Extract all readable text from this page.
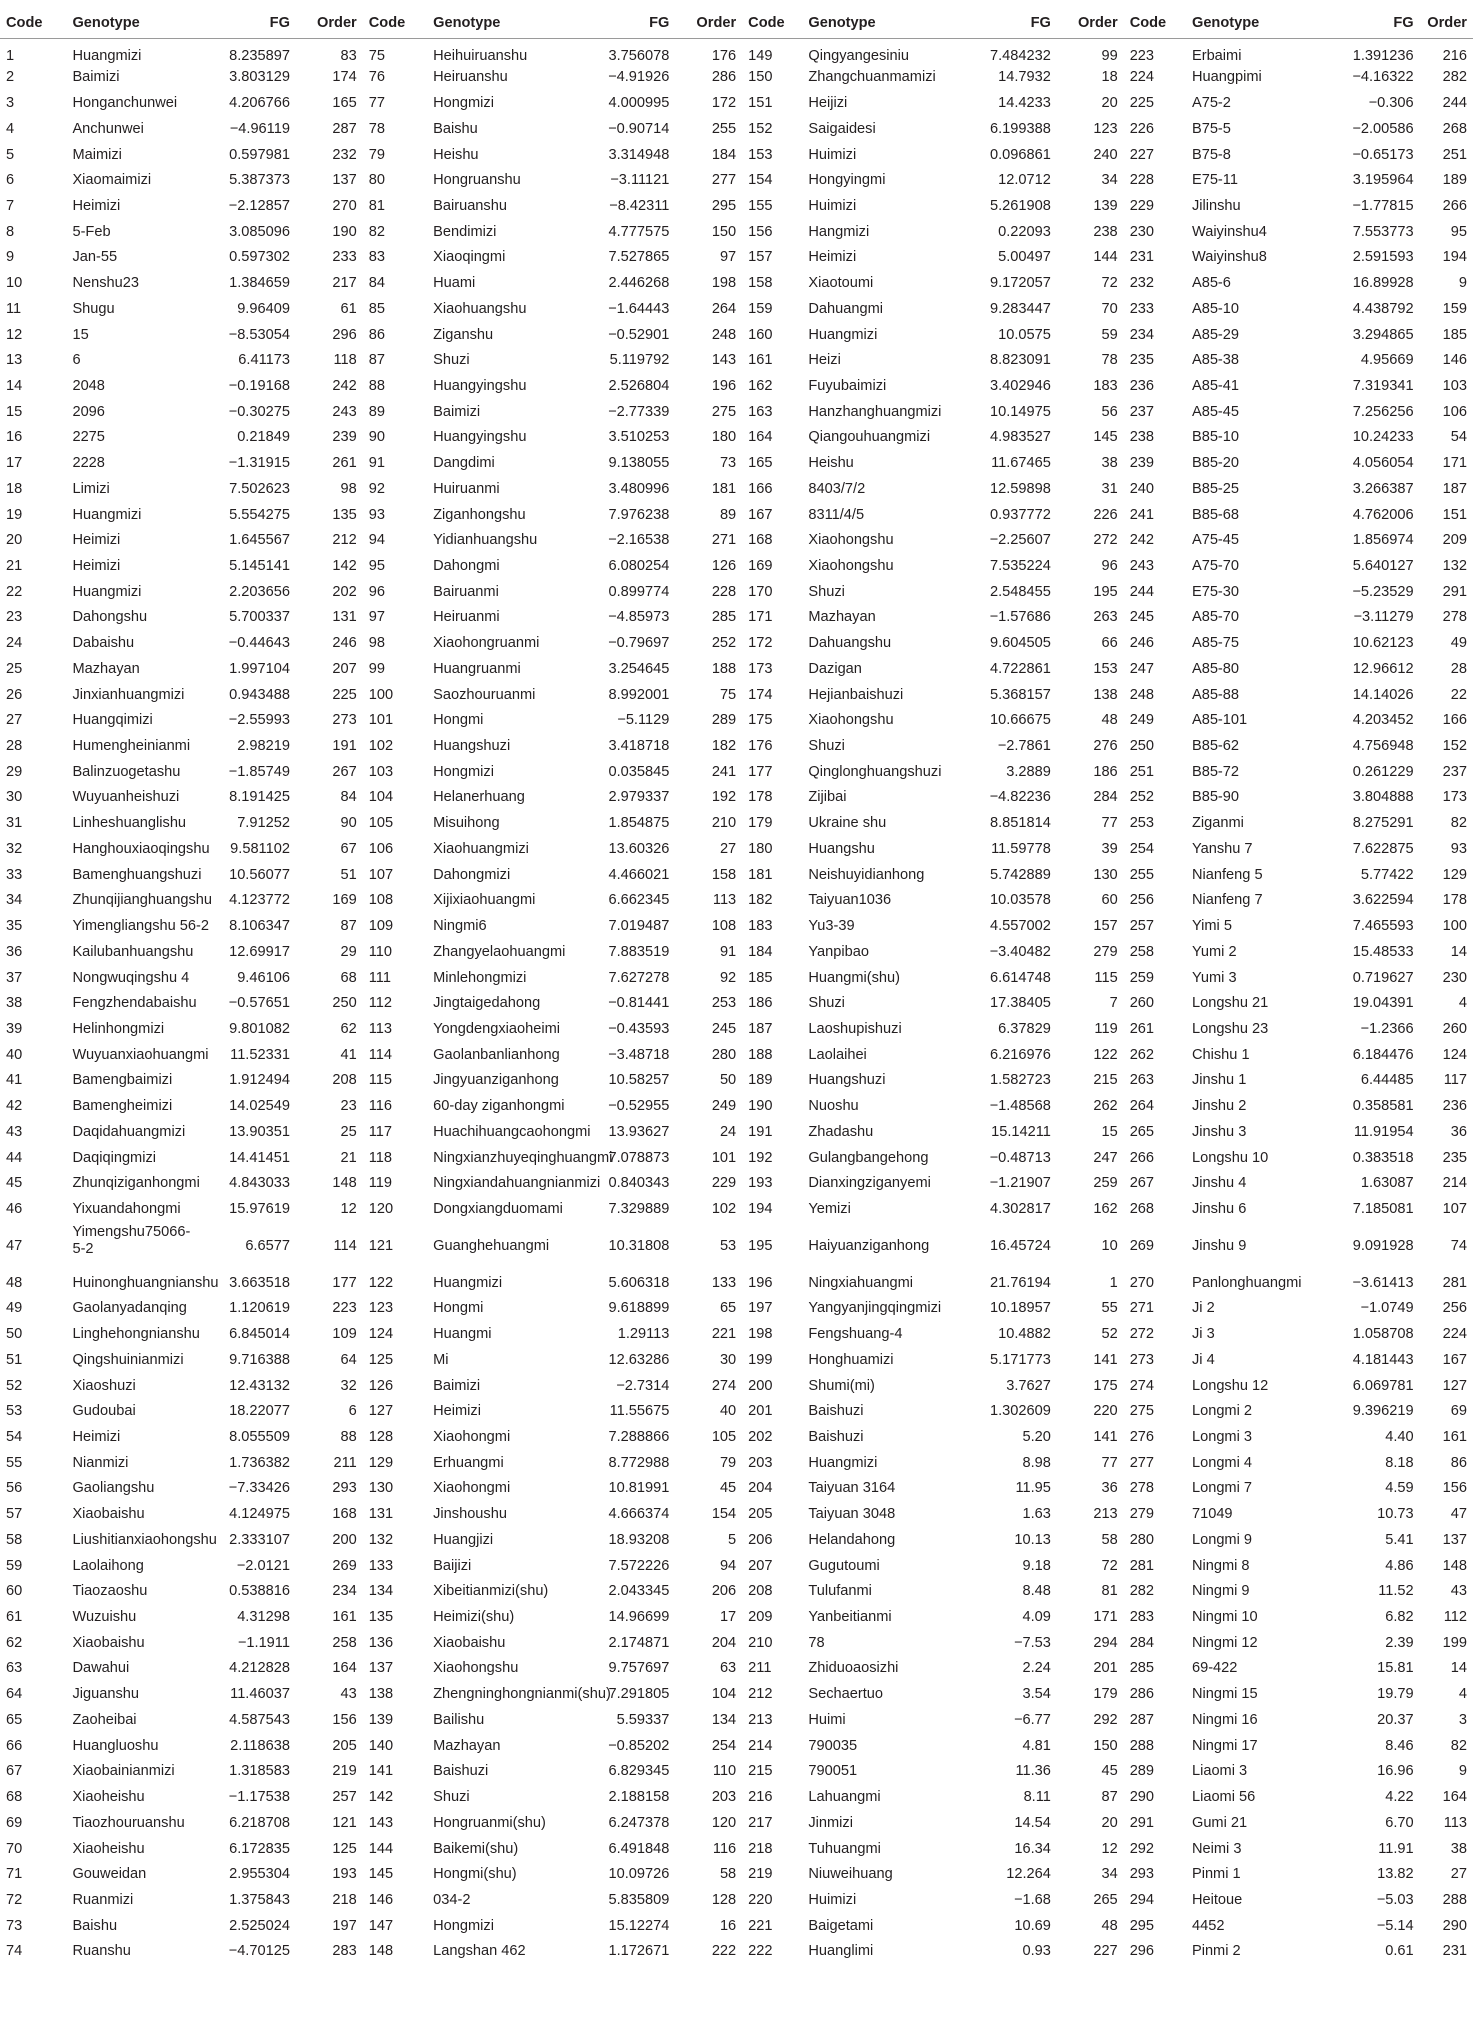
Code	Genotype	FG	Order	Code	Genotype	FG	Order	Code	Genotype	FG	Order	Code	Genotype	FG	Order
1	Huangmizi	8.235897	83	75	Heihuiruanshu	3.756078	176	149	Qingyangesiniu	7.484232	99	223	Erbaimi	1.391236	216
2	Baimizi	3.803129	174	76	Heiruanshu	−4.91926	286	150	Zhangchuanmamizi	14.7932	18	224	Huangpimi	−4.16322	282
3	Honganchunwei	4.206766	165	77	Hongmizi	4.000995	172	151	Heijizi	14.4233	20	225	A75-2	−0.306	244
4	Anchunwei	−4.96119	287	78	Baishu	−0.90714	255	152	Saigaidesi	6.199388	123	226	B75-5	−2.00586	268
5	Maimizi	0.597981	232	79	Heishu	3.314948	184	153	Huimizi	0.096861	240	227	B75-8	−0.65173	251
6	Xiaomaimizi	5.387373	137	80	Hongruanshu	−3.11121	277	154	Hongyingmi	12.0712	34	228	E75-11	3.195964	189
7	Heimizi	−2.12857	270	81	Bairuanshu	−8.42311	295	155	Huimizi	5.261908	139	229	Jilinshu	−1.77815	266
8	5-Feb	3.085096	190	82	Bendimizi	4.777575	150	156	Hangmizi	0.22093	238	230	Waiyinshu4	7.553773	95
9	Jan-55	0.597302	233	83	Xiaoqingmi	7.527865	97	157	Heimizi	5.00497	144	231	Waiyinshu8	2.591593	194
10	Nenshu23	1.384659	217	84	Huami	2.446268	198	158	Xiaotoumi	9.172057	72	232	A85-6	16.89928	9
11	Shugu	9.96409	61	85	Xiaohuangshu	−1.64443	264	159	Dahuangmi	9.283447	70	233	A85-10	4.438792	159
12	15	−8.53054	296	86	Ziganshu	−0.52901	248	160	Huangmizi	10.0575	59	234	A85-29	3.294865	185
13	6	6.41173	118	87	Shuzi	5.119792	143	161	Heizi	8.823091	78	235	A85-38	4.95669	146
14	2048	−0.19168	242	88	Huangyingshu	2.526804	196	162	Fuyubaimizi	3.402946	183	236	A85-41	7.319341	103
15	2096	−0.30275	243	89	Baimizi	−2.77339	275	163	Hanzhanghuangmizi	10.14975	56	237	A85-45	7.256256	106
16	2275	0.21849	239	90	Huangyingshu	3.510253	180	164	Qiangouhuangmizi	4.983527	145	238	B85-10	10.24233	54
17	2228	−1.31915	261	91	Dangdimi	9.138055	73	165	Heishu	11.67465	38	239	B85-20	4.056054	171
18	Limizi	7.502623	98	92	Huiruanmi	3.480996	181	166	8403/7/2	12.59898	31	240	B85-25	3.266387	187
19	Huangmizi	5.554275	135	93	Ziganhongshu	7.976238	89	167	8311/4/5	0.937772	226	241	B85-68	4.762006	151
20	Heimizi	1.645567	212	94	Yidianhuangshu	−2.16538	271	168	Xiaohongshu	−2.25607	272	242	A75-45	1.856974	209
21	Heimizi	5.145141	142	95	Dahongmi	6.080254	126	169	Xiaohongshu	7.535224	96	243	A75-70	5.640127	132
22	Huangmizi	2.203656	202	96	Bairuanmi	0.899774	228	170	Shuzi	2.548455	195	244	E75-30	−5.23529	291
23	Dahongshu	5.700337	131	97	Heiruanmi	−4.85973	285	171	Mazhayan	−1.57686	263	245	A85-70	−3.11279	278
24	Dabaishu	−0.44643	246	98	Xiaohongruanmi	−0.79697	252	172	Dahuangshu	9.604505	66	246	A85-75	10.62123	49
25	Mazhayan	1.997104	207	99	Huangruanmi	3.254645	188	173	Dazigan	4.722861	153	247	A85-80	12.96612	28
26	Jinxianhuangmizi	0.943488	225	100	Saozhouruanmi	8.992001	75	174	Hejianbaishuzi	5.368157	138	248	A85-88	14.14026	22
27	Huangqimizi	−2.55993	273	101	Hongmi	−5.1129	289	175	Xiaohongshu	10.66675	48	249	A85-101	4.203452	166
28	Humengheinianmi	2.98219	191	102	Huangshuzi	3.418718	182	176	Shuzi	−2.7861	276	250	B85-62	4.756948	152
29	Balinzuogetashu	−1.85749	267	103	Hongmizi	0.035845	241	177	Qinglonghuangshuzi	3.2889	186	251	B85-72	0.261229	237
30	Wuyuanheishuzi	8.191425	84	104	Helanerhuang	2.979337	192	178	Zijibai	−4.82236	284	252	B85-90	3.804888	173
31	Linheshuanglishu	7.91252	90	105	Misuihong	1.854875	210	179	Ukraine shu	8.851814	77	253	Ziganmi	8.275291	82
32	Hanghouxiaoqingshu	9.581102	67	106	Xiaohuangmizi	13.60326	27	180	Huangshu	11.59778	39	254	Yanshu 7	7.622875	93
33	Bamenghuangshuzi	10.56077	51	107	Dahongmizi	4.466021	158	181	Neishuyidianhong	5.742889	130	255	Nianfeng 5	5.77422	129
34	Zhunqijianghuangshu	4.123772	169	108	Xijixiaohuangmi	6.662345	113	182	Taiyuan1036	10.03578	60	256	Nianfeng 7	3.622594	178
35	Yimengliangshu 56-2	8.106347	87	109	Ningmi6	7.019487	108	183	Yu3-39	4.557002	157	257	Yimi 5	7.465593	100
36	Kailubanhuangshu	12.69917	29	110	Zhangyelaohuangmi	7.883519	91	184	Yanpibao	−3.40482	279	258	Yumi 2	15.48533	14
37	Nongwuqingshu 4	9.46106	68	111	Minlehongmizi	7.627278	92	185	Huangmi(shu)	6.614748	115	259	Yumi 3	0.719627	230
38	Fengzhendabaishu	−0.57651	250	112	Jingtaigedahong	−0.81441	253	186	Shuzi	17.38405	7	260	Longshu 21	19.04391	4
39	Helinhongmizi	9.801082	62	113	Yongdengxiaoheimi	−0.43593	245	187	Laoshupishuzi	6.37829	119	261	Longshu 23	−1.2366	260
40	Wuyuanxiaohuangmi	11.52331	41	114	Gaolanbanlianhong	−3.48718	280	188	Laolaihei	6.216976	122	262	Chishu 1	6.184476	124
41	Bamengbaimizi	1.912494	208	115	Jingyuanziganhong	10.58257	50	189	Huangshuzi	1.582723	215	263	Jinshu 1	6.44485	117
42	Bamengheimizi	14.02549	23	116	60-day ziganhongmi	−0.52955	249	190	Nuoshu	−1.48568	262	264	Jinshu 2	0.358581	236
43	Daqidahuangmizi	13.90351	25	117	Huachihuangcaohongmi	13.93627	24	191	Zhadashu	15.14211	15	265	Jinshu 3	11.91954	36
44	Daqiqingmizi	14.41451	21	118	Ningxianzhuyeqinghuangmi	7.078873	101	192	Gulangbangehong	−0.48713	247	266	Longshu 10	0.383518	235
45	Zhunqiziganhongmi	4.843033	148	119	Ningxiandahuangnianmizi	0.840343	229	193	Dianxingziganyemi	−1.21907	259	267	Jinshu 4	1.63087	214
46	Yixuandahongmi	15.97619	12	120	Dongxiangduomami	7.329889	102	194	Yemizi	4.302817	162	268	Jinshu 6	7.185081	107
47	Yimengshu75066-5-2	6.6577	114	121	Guanghehuangmi	10.31808	53	195	Haiyuanziganhong	16.45724	10	269	Jinshu 9	9.091928	74
48	Huinonghuangnianshu	3.663518	177	122	Huangmizi	5.606318	133	196	Ningxiahuangmi	21.76194	1	270	Panlonghuangmi	−3.61413	281
49	Gaolanyadanqing	1.120619	223	123	Hongmi	9.618899	65	197	Yangyanjingqingmizi	10.18957	55	271	Ji 2	−1.0749	256
50	Linghehongnianshu	6.845014	109	124	Huangmi	1.29113	221	198	Fengshuang-4	10.4882	52	272	Ji 3	1.058708	224
51	Qingshuinianmizi	9.716388	64	125	Mi	12.63286	30	199	Honghuamizi	5.171773	141	273	Ji 4	4.181443	167
52	Xiaoshuzi	12.43132	32	126	Baimizi	−2.7314	274	200	Shumi(mi)	3.7627	175	274	Longshu 12	6.069781	127
53	Gudoubai	18.22077	6	127	Heimizi	11.55675	40	201	Baishuzi	1.302609	220	275	Longmi 2	9.396219	69
54	Heimizi	8.055509	88	128	Xiaohongmi	7.288866	105	202	Baishuzi	5.20	141	276	Longmi 3	4.40	161
55	Nianmizi	1.736382	211	129	Erhuangmi	8.772988	79	203	Huangmizi	8.98	77	277	Longmi 4	8.18	86
56	Gaoliangshu	−7.33426	293	130	Xiaohongmi	10.81991	45	204	Taiyuan 3164	11.95	36	278	Longmi 7	4.59	156
57	Xiaobaishu	4.124975	168	131	Jinshoushu	4.666374	154	205	Taiyuan 3048	1.63	213	279	71049	10.73	47
58	Liushitianxiaohongshu	2.333107	200	132	Huangjizi	18.93208	5	206	Helandahong	10.13	58	280	Longmi 9	5.41	137
59	Laolaihong	−2.0121	269	133	Baijizi	7.572226	94	207	Gugutoumi	9.18	72	281	Ningmi 8	4.86	148
60	Tiaozaoshu	0.538816	234	134	Xibeitianmizi(shu)	2.043345	206	208	Tulufanmi	8.48	81	282	Ningmi 9	11.52	43
61	Wuzuishu	4.31298	161	135	Heimizi(shu)	14.96699	17	209	Yanbeitianmi	4.09	171	283	Ningmi 10	6.82	112
62	Xiaobaishu	−1.1911	258	136	Xiaobaishu	2.174871	204	210	78	−7.53	294	284	Ningmi 12	2.39	199
63	Dawahui	4.212828	164	137	Xiaohongshu	9.757697	63	211	Zhiduoaosizhi	2.24	201	285	69-422	15.81	14
64	Jiguanshu	11.46037	43	138	Zhengninghongnianmi(shu)	7.291805	104	212	Sechaertuo	3.54	179	286	Ningmi 15	19.79	4
65	Zaoheibai	4.587543	156	139	Bailishu	5.59337	134	213	Huimi	−6.77	292	287	Ningmi 16	20.37	3
66	Huangluoshu	2.118638	205	140	Mazhayan	−0.85202	254	214	790035	4.81	150	288	Ningmi 17	8.46	82
67	Xiaobainianmizi	1.318583	219	141	Baishuzi	6.829345	110	215	790051	11.36	45	289	Liaomi 3	16.96	9
68	Xiaoheishu	−1.17538	257	142	Shuzi	2.188158	203	216	Lahuangmi	8.11	87	290	Liaomi 56	4.22	164
69	Tiaozhouruanshu	6.218708	121	143	Hongruanmi(shu)	6.247378	120	217	Jinmizi	14.54	20	291	Gumi 21	6.70	113
70	Xiaoheishu	6.172835	125	144	Baikemi(shu)	6.491848	116	218	Tuhuangmi	16.34	12	292	Neimi 3	11.91	38
71	Gouweidan	2.955304	193	145	Hongmi(shu)	10.09726	58	219	Niuweihuang	12.264	34	293	Pinmi 1	13.82	27
72	Ruanmizi	1.375843	218	146	034-2	5.835809	128	220	Huimizi	−1.68	265	294	Heitoue	−5.03	288
73	Baishu	2.525024	197	147	Hongmizi	15.12274	16	221	Baigetami	10.69	48	295	4452	−5.14	290
74	Ruanshu	−4.70125	283	148	Langshan 462	1.172671	222	222	Huanglimi	0.93	227	296	Pinmi 2	0.61	231
